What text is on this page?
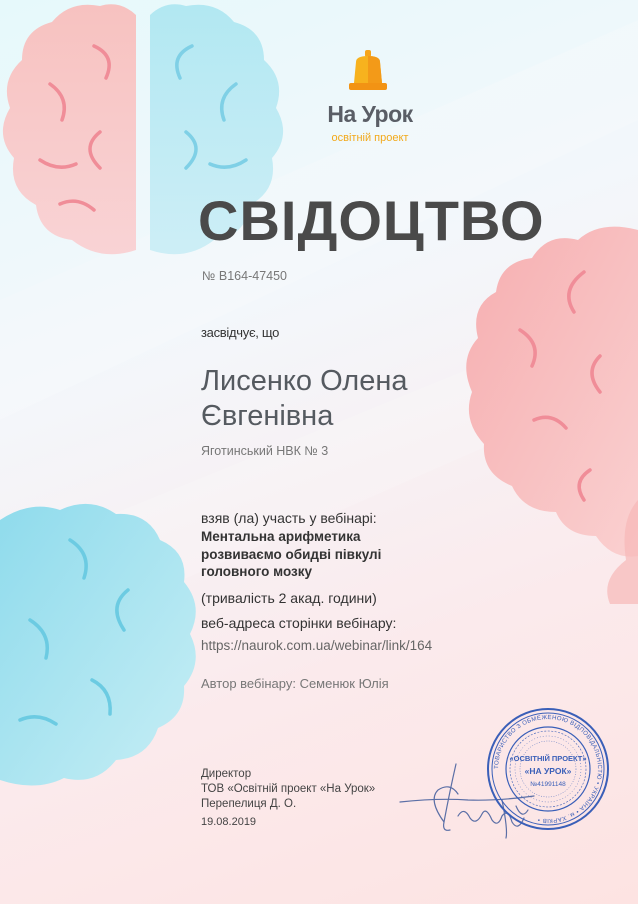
На Урок
освітній проект
СВІДОЦТВО
№ В164-47450
засвідчує, що
Лисенко Олена
Євгенівна
Яготинський НВК № 3
взяв (ла) участь у вебінарі:
Ментальна арифметика
розвиваємо обидві півкулі
головного мозку
(тривалість 2 акад. години)
веб-адреса сторінки вебінару:
https://naurok.com.ua/webinar/link/164
Автор вебінару: Семенюк Юлія
Директор
ТОВ «Освітній проект «На Урок»
Перепелиця Д. О.
19.08.2019
ТОВАРИСТВО З ОБМЕЖЕНОЮ ВІДПОВІДАЛЬНІСТЮ • УКРАЇНА • м. ХАРКІВ •
«ОСВІТНІЙ ПРОЕКТ»
«НА УРОК»
№41991148
